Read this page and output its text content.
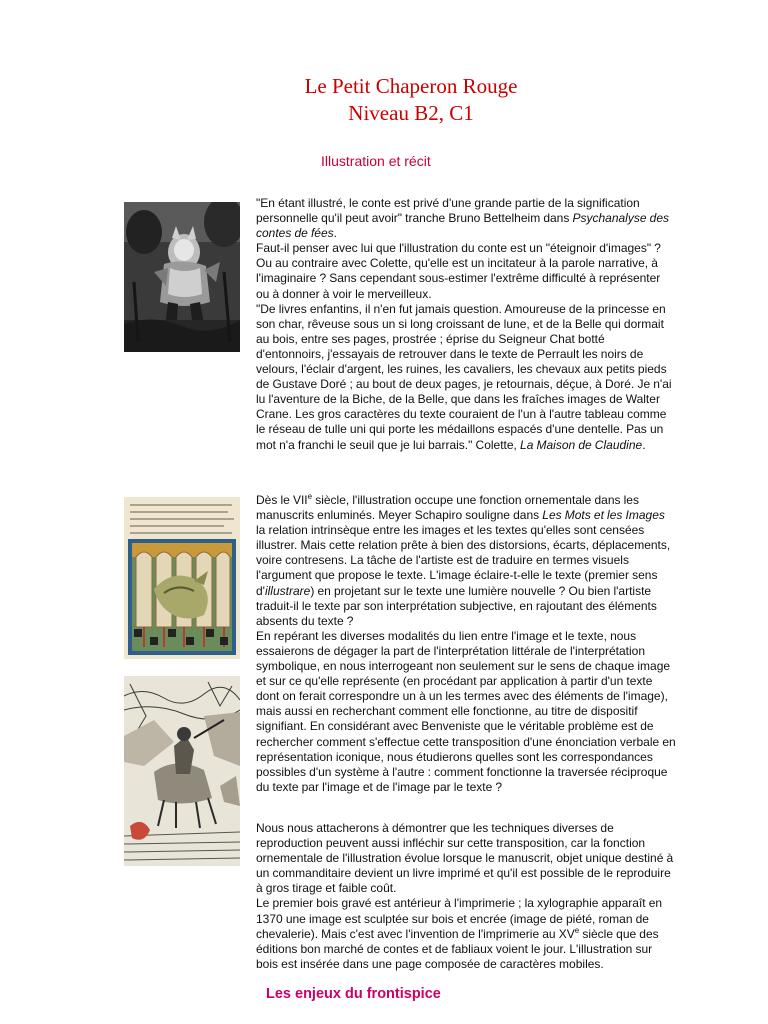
Le Petit Chaperon Rouge
Niveau B2, C1
Illustration et récit

"En étant illustré, le conte est privé d'une grande partie de la signification personnelle qu'il peut avoir" tranche Bruno Bettelheim dans Psychanalyse des contes de fées.

Faut-il penser avec lui que l'illustration du conte est un "éteignoir d'images" ? Ou au contraire avec Colette, qu'elle est un incitateur à la parole narrative, à l'imaginaire ? Sans cependant sous-estimer l'extrême difficulté à représenter ou à donner à voir le merveilleux.

"De livres enfantins, il n'en fut jamais question. Amoureuse de la princesse en son char, rêveuse sous un si long croissant de lune, et de la Belle qui dormait au bois, entre ses pages, prostrée ; éprise du Seigneur Chat botté d'entonnoirs, j'essayais de retrouver dans le texte de Perrault les noirs de velours, l'éclair d'argent, les ruines, les cavaliers, les chevaux aux petits pieds de Gustave Doré ; au bout de deux pages, je retournais, déçue, à Doré. Je n'ai lu l'aventure de la Biche, de la Belle, que dans les fraîches images de Walter Crane. Les gros caractères du texte couraient de l'un à l'autre tableau comme le réseau de tulle uni qui porte les médaillons espacés d'une dentelle. Pas un mot n'a franchi le seuil que je lui barrais." Colette, La Maison de Claudine.

Dès le VIIe siècle, l'illustration occupe une fonction ornementale dans les manuscrits enluminés. Meyer Schapiro souligne dans Les Mots et les Images la relation intrinsèque entre les images et les textes qu'elles sont censées illustrer. Mais cette relation prête à bien des distorsions, écarts, déplacements, voire contresens. La tâche de l'artiste est de traduire en termes visuels l'argument que propose le texte. L'image éclaire-t-elle le texte (premier sens d'illustrare) en projetant sur le texte une lumière nouvelle ? Ou bien l'artiste traduit-il le texte par son interprétation subjective, en rajoutant des éléments absents du texte ?

En repérant les diverses modalités du lien entre l'image et le texte, nous essaierons de dégager la part de l'interprétation littérale de l'interprétation symbolique, en nous interrogeant non seulement sur le sens de chaque image et sur ce qu'elle représente (en procédant par application à partir d'un texte dont on ferait correspondre un à un les termes avec des éléments de l'image), mais aussi en recherchant comment elle fonctionne, au titre de dispositif signifiant. En considérant avec Benveniste que le véritable problème est de rechercher comment s'effectue cette transposition d'une énonciation verbale en représentation iconique, nous étudierons quelles sont les correspondances possibles d'un système à l'autre : comment fonctionne la traversée réciproque du texte par l'image et de l'image par le texte ?

Nous nous attacherons à démontrer que les techniques diverses de reproduction peuvent aussi infléchir sur cette transposition, car la fonction ornementale de l'illustration évolue lorsque le manuscrit, objet unique destiné à un commanditaire devient un livre imprimé et qu'il est possible de le reproduire à gros tirage et faible coût.

Le premier bois gravé est antérieur à l'imprimerie ; la xylographie apparaît en 1370 une image est sculptée sur bois et encrée (image de piété, roman de chevalerie). Mais c'est avec l'invention de l'imprimerie au XVe siècle que des éditions bon marché de contes et de fabliaux voient le jour. L'illustration sur bois est insérée dans une page composée de caractères mobiles.

Les enjeux du frontispice
